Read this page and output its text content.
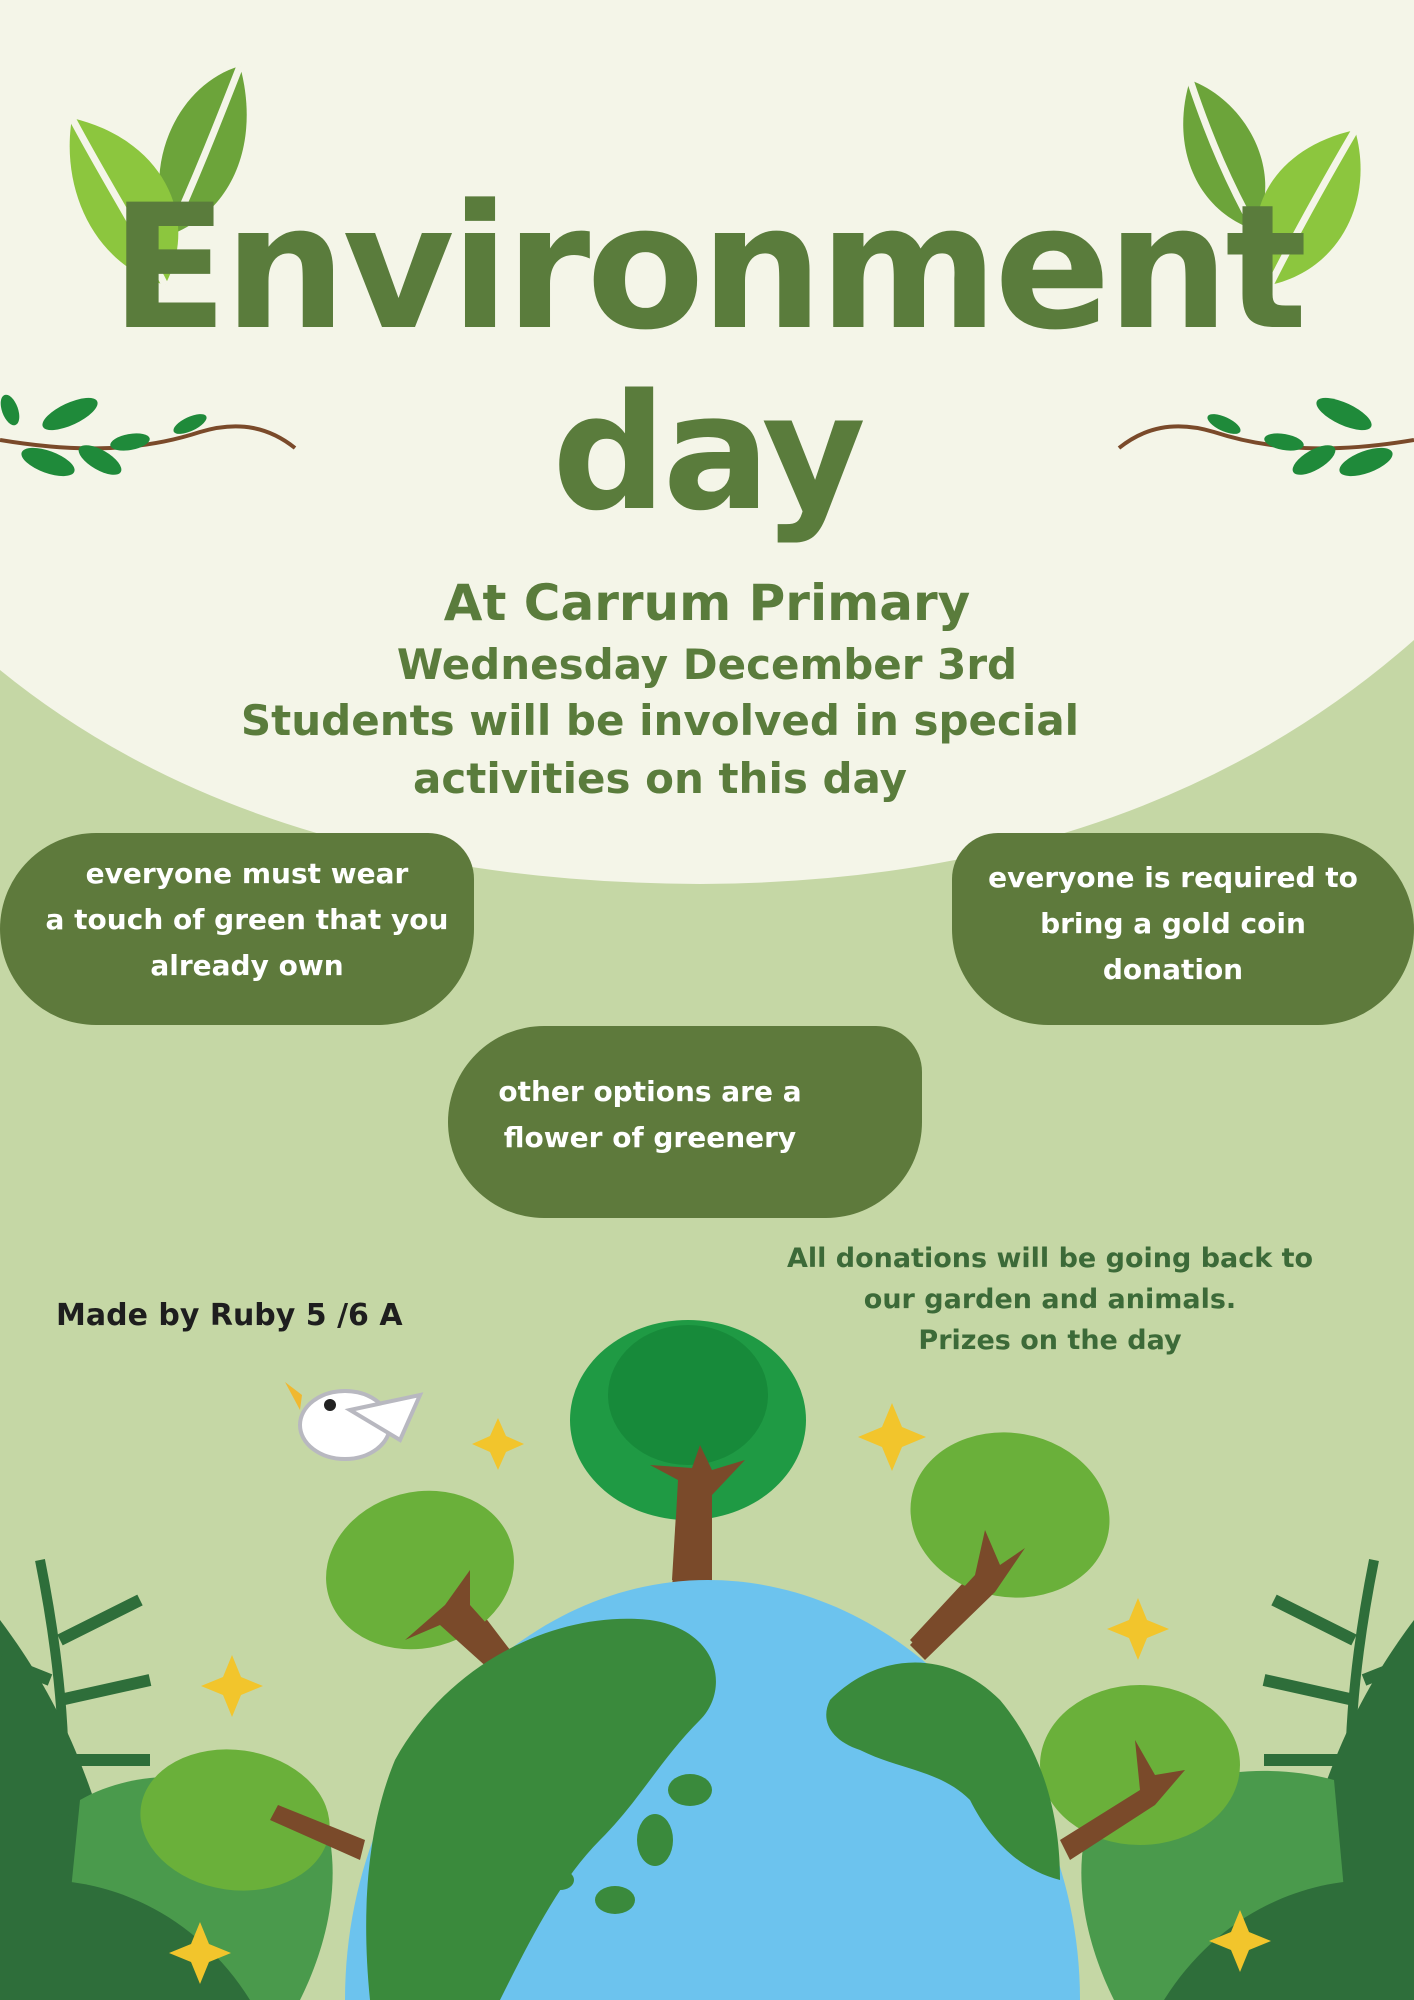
Environment
day

At Carrum Primary

Wednesday December 3rd

Students will be involved in special activities on this day

everyone must wear
a touch of green that you
already own
everyone is required to
bring a gold coin
donation
other options are a
flower of greenery

All donations will be going back to
our garden and animals.
Prizes on the day

Made by Ruby 5 /6 A
